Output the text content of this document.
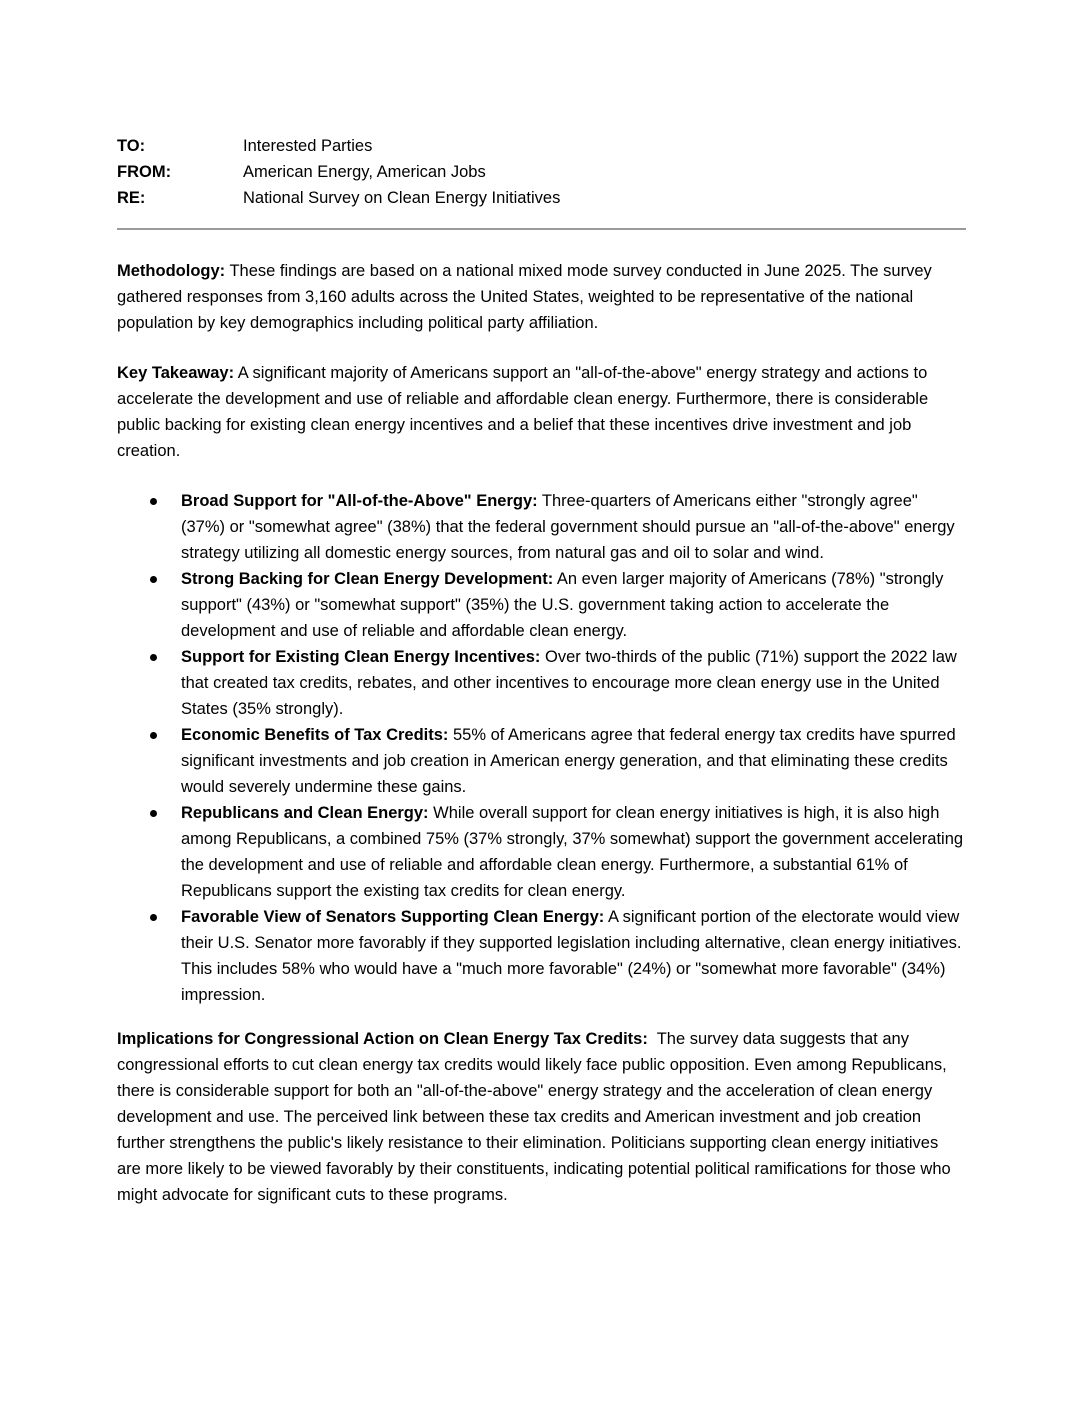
TO:	Interested Parties
FROM:	American Energy, American Jobs
RE:	National Survey on Clean Energy Initiatives

Methodology: These findings are based on a national mixed mode survey conducted in June 2025. The survey gathered responses from 3,160 adults across the United States, weighted to be representative of the national population by key demographics including political party affiliation.

Key Takeaway: A significant majority of Americans support an "all-of-the-above" energy strategy and actions to accelerate the development and use of reliable and affordable clean energy. Furthermore, there is considerable public backing for existing clean energy incentives and a belief that these incentives drive investment and job creation.

Broad Support for "All-of-the-Above" Energy: Three-quarters of Americans either "strongly agree" (37%) or "somewhat agree" (38%) that the federal government should pursue an "all-of-the-above" energy strategy utilizing all domestic energy sources, from natural gas and oil to solar and wind.
Strong Backing for Clean Energy Development: An even larger majority of Americans (78%) "strongly support" (43%) or "somewhat support" (35%) the U.S. government taking action to accelerate the development and use of reliable and affordable clean energy.
Support for Existing Clean Energy Incentives: Over two-thirds of the public (71%) support the 2022 law that created tax credits, rebates, and other incentives to encourage more clean energy use in the United States (35% strongly).
Economic Benefits of Tax Credits: 55% of Americans agree that federal energy tax credits have spurred significant investments and job creation in American energy generation, and that eliminating these credits would severely undermine these gains.
Republicans and Clean Energy: While overall support for clean energy initiatives is high, it is also high among Republicans, a combined 75% (37% strongly, 37% somewhat) support the government accelerating the development and use of reliable and affordable clean energy. Furthermore, a substantial 61% of Republicans support the existing tax credits for clean energy.
Favorable View of Senators Supporting Clean Energy: A significant portion of the electorate would view their U.S. Senator more favorably if they supported legislation including alternative, clean energy initiatives. This includes 58% who would have a "much more favorable" (24%) or "somewhat more favorable" (34%) impression.

Implications for Congressional Action on Clean Energy Tax Credits:  The survey data suggests that any congressional efforts to cut clean energy tax credits would likely face public opposition. Even among Republicans, there is considerable support for both an "all-of-the-above" energy strategy and the acceleration of clean energy development and use. The perceived link between these tax credits and American investment and job creation further strengthens the public's likely resistance to their elimination. Politicians supporting clean energy initiatives are more likely to be viewed favorably by their constituents, indicating potential political ramifications for those who might advocate for significant cuts to these programs.
